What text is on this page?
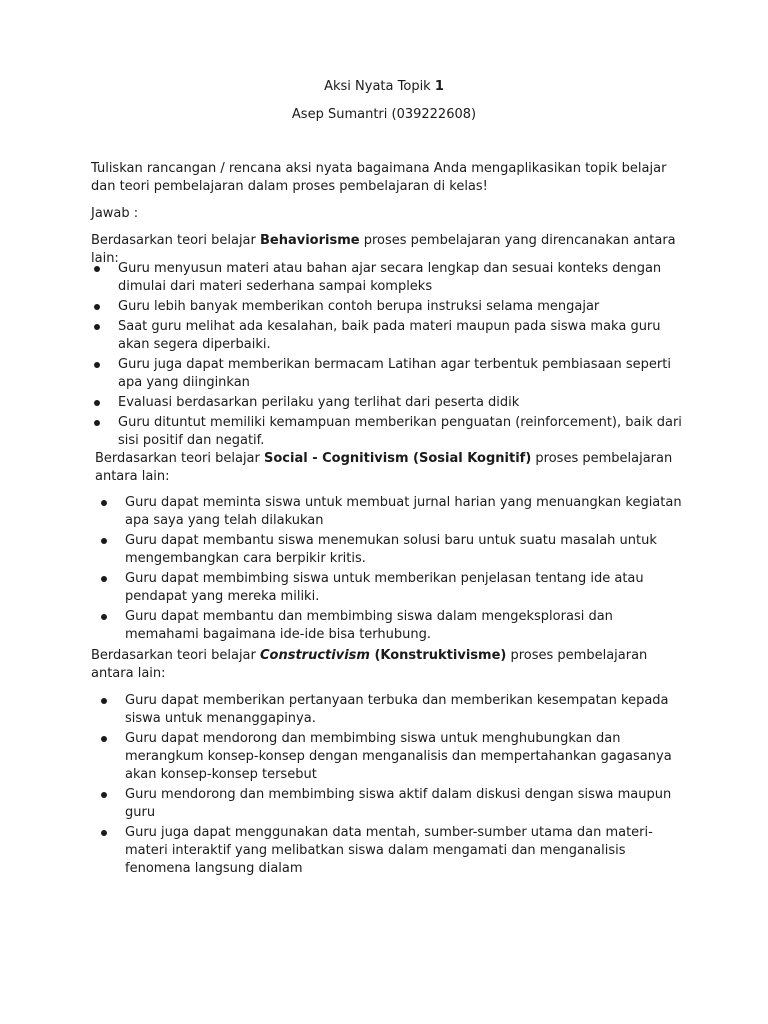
Aksi Nyata Topik 1
Asep Sumantri (039222608)

Tuliskan rancangan / rencana aksi nyata bagaimana Anda mengaplikasikan topik belajar dan teori pembelajaran dalam proses pembelajaran di kelas!

Jawab :

Berdasarkan teori belajar Behaviorisme proses pembelajaran yang direncanakan antara lain:

Guru menyusun materi atau bahan ajar secara lengkap dan sesuai konteks dengan dimulai dari materi sederhana sampai kompleks
Guru lebih banyak memberikan contoh berupa instruksi selama mengajar
Saat guru melihat ada kesalahan, baik pada materi maupun pada siswa maka guru akan segera diperbaiki.
Guru juga dapat memberikan bermacam Latihan agar terbentuk pembiasaan seperti apa yang diinginkan
Evaluasi berdasarkan perilaku yang terlihat dari peserta didik
Guru dituntut memiliki kemampuan memberikan penguatan (reinforcement), baik dari sisi positif dan negatif.

Berdasarkan teori belajar Social - Cognitivism (Sosial Kognitif) proses pembelajaran antara lain:

Guru dapat meminta siswa untuk membuat jurnal harian yang menuangkan kegiatan apa saya yang telah dilakukan
Guru dapat membantu siswa menemukan solusi baru untuk suatu masalah untuk mengembangkan cara berpikir kritis.
Guru dapat membimbing siswa untuk memberikan penjelasan tentang ide atau pendapat yang mereka miliki.
Guru dapat membantu dan membimbing siswa dalam mengeksplorasi dan memahami bagaimana ide-ide bisa terhubung.

Berdasarkan teori belajar Constructivism (Konstruktivisme) proses pembelajaran antara lain:

Guru dapat memberikan pertanyaan terbuka dan memberikan kesempatan kepada siswa untuk menanggapinya.
Guru dapat mendorong dan membimbing siswa untuk menghubungkan dan merangkum konsep-konsep dengan menganalisis dan mempertahankan gagasanya akan konsep-konsep tersebut
Guru mendorong dan membimbing siswa aktif dalam diskusi dengan siswa maupun guru
Guru juga dapat menggunakan data mentah, sumber-sumber utama dan materi-materi interaktif yang melibatkan siswa dalam mengamati dan menganalisis fenomena langsung dialam
